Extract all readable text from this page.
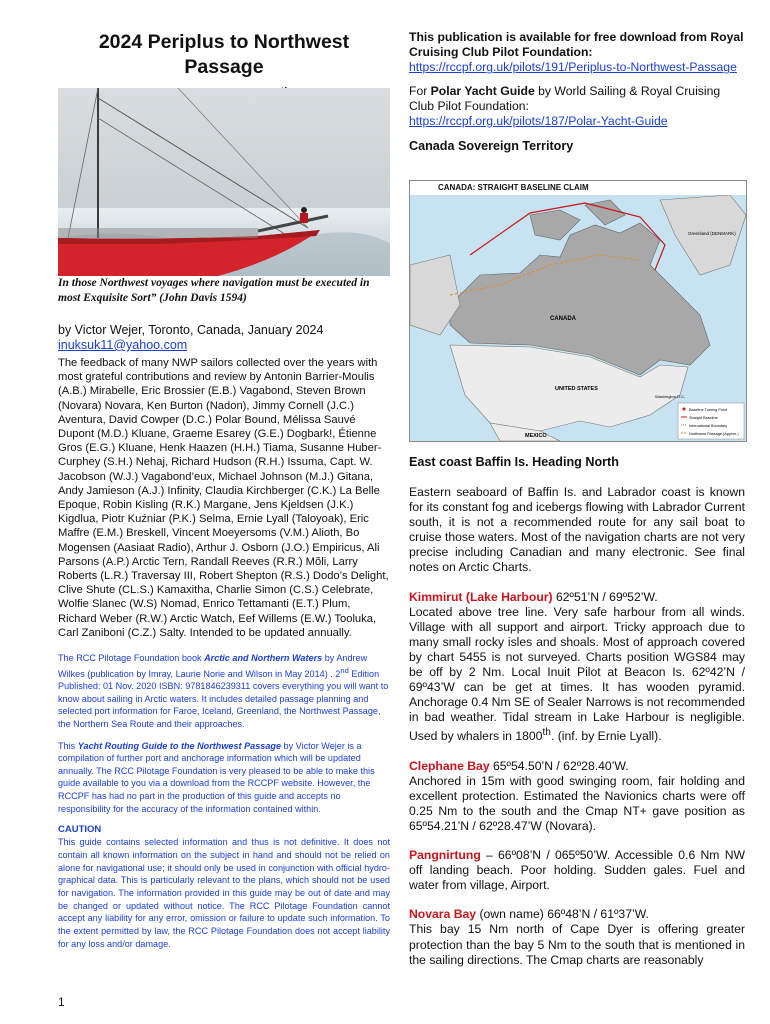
2024 Periplus to Northwest Passage

In those Northwest voyages where navigation must be executed in most Exquisite Sort” (John Davis 1594)
by Victor Wejer, Toronto, Canada, January 2024
inuksuk11@yahoo.com

The feedback of many NWP sailors collected over the years with most grateful contributions and review by Antonin Barrier-Moulis (A.B.) Mirabelle, Eric Brossier (E.B.) Vagabond, Steven Brown (Novara) Novara, Ken Burton (Nadon), Jimmy Cornell (J.C.) Aventura, David Cowper (D.C.) Polar Bound, Mélissa Sauvé Dupont (M.D.) Kluane, Graeme Esarey (G.E.) Dogbark!, Étienne Gros (E.G.) Kluane, Henk Haazen (H.H.) Tiama, Susanne Huber-Curphey (S.H.) Nehaj, Richard Hudson (R.H.) Issuma, Capt. W. Jacobson (W.J.) Vagabond’eux, Michael Johnson (M.J.) Gitana, Andy Jamieson (A.J.) Infinity, Claudia Kirchberger (C.K.) La Belle Epoque, Robin Kisling (R.K.) Margane, Jens Kjeldsen (J.K.) Kigdlua, Piotr Kuźniar (P.K.) Selma, Ernie Lyall (Taloyoak), Eric Maffre (E.M.) Breskell, Vincent Moeyersoms (V.M.) Alioth, Bo Mogensen (Aasiaat Radio), Arthur J. Osborn (J.O.) Empiricus, Ali Parsons (A.P.) Arctic Tern, Randall Reeves (R.R.) Mõli, Larry Roberts (L.R.) Traversay III, Robert Shepton (R.S.) Dodo’s Delight, Clive Shute (CL.S.) Kamaxitha, Charlie Simon (C.S.) Celebrate, Wolfie Slanec (W.S) Nomad, Enrico Tettamanti (E.T.) Plum, Richard Weber (R.W.) Arctic Watch, Eef Willems (E.W.) Tooluka, Carl Zaniboni (C.Z.) Salty. Intended to be updated annually.

The RCC Pilotage Foundation book Arctic and Northern Waters by Andrew Wilkes (publication by Imray, Laurie Norie and Wilson in May 2014) . 2nd Edition Published: 01 Nov. 2020 ISBN: 9781846239311 covers everything you will want to know about sailing in Arctic waters. It includes detailed passage planning and selected port information for Faroe, Iceland, Greenland, the Northwest Passage, the Northern Sea Route and their approaches.

This Yacht Routing Guide to the Northwest Passage by Victor Wejer is a compilation of further port and anchorage information which will be updated annually. The RCC Pilotage Foundation is very pleased to be able to make this guide available to you via a download from the RCCPF website. However, the RCCPF has had no part in the production of this guide and accepts no responsibility for the accuracy of the information contained within.

CAUTION

This guide contains selected information and thus is not definitive. It does not contain all known information on the subject in hand and should not be relied on alone for navigational use; it should only be used in conjunction with official hydro-graphical data. This is particularly relevant to the plans, which should not be used for navigation. The information provided in this guide may be out of date and may be changed or updated without notice. The RCC Pilotage Foundation cannot accept any liability for any error, omission or failure to update such information. To the extent permitted by law, the RCC Pilotage Foundation does not accept liability for any loss and/or damage.

1

This publication is available for free download from Royal Cruising Club Pilot Foundation:

https://rccpf.org.uk/pilots/191/Periplus-to-Northwest-Passage

For Polar Yacht Guide by World Sailing & Royal Cruising Club Pilot Foundation:

https://rccpf.org.uk/pilots/187/Polar-Yacht-Guide

Canada Sovereign Territory

CANADA: STRAIGHT BASELINE CLAIM
CANADA
UNITED STATES
MEXICO
Greenland (DENMARK)
Washington D.C.
Baseline Turning Point
Straight Baseline
International Boundary
Northwest Passage (Approx.)

East coast Baffin Is. Heading North

Eastern seaboard of Baffin Is. and Labrador coast is known for its constant fog and icebergs flowing with Labrador Current south, it is not a recommended route for any sail boat to cruise those waters. Most of the navigation charts are not very precise including Canadian and many electronic. See final notes on Arctic Charts.

Kimmirut (Lake Harbour) 62º51’N / 69º52’W.
Located above tree line. Very safe harbour from all winds. Village with all support and airport. Tricky approach due to many small rocky isles and shoals. Most of approach covered by chart 5455 is not surveyed. Charts position WGS84 may be off by 2 Nm. Local Inuit Pilot at Beacon Is. 62º42’N / 69º43’W can be get at times. It has wooden pyramid. Anchorage 0.4 Nm SE of Sealer Narrows is not recommended in bad weather. Tidal stream in Lake Harbour is negligible. Used by whalers in 1800th. (inf. by Ernie Lyall).

Clephane Bay 65º54.50’N / 62º28.40’W.
Anchored in 15m with good swinging room, fair holding and excellent protection. Estimated the Navionics charts were off 0.25 Nm to the south and the Cmap NT+ gave position as 65º54.21’N / 62º28.47’W (Novara).

Pangnirtung – 66º08’N / 065º50’W. Accessible 0.6 Nm NW off landing beach. Poor holding. Sudden gales. Fuel and water from village, Airport.

Novara Bay (own name) 66º48’N / 61º37’W.
This bay 15 Nm north of Cape Dyer is offering greater protection than the bay 5 Nm to the south that is mentioned in the sailing directions. The Cmap charts are reasonably
